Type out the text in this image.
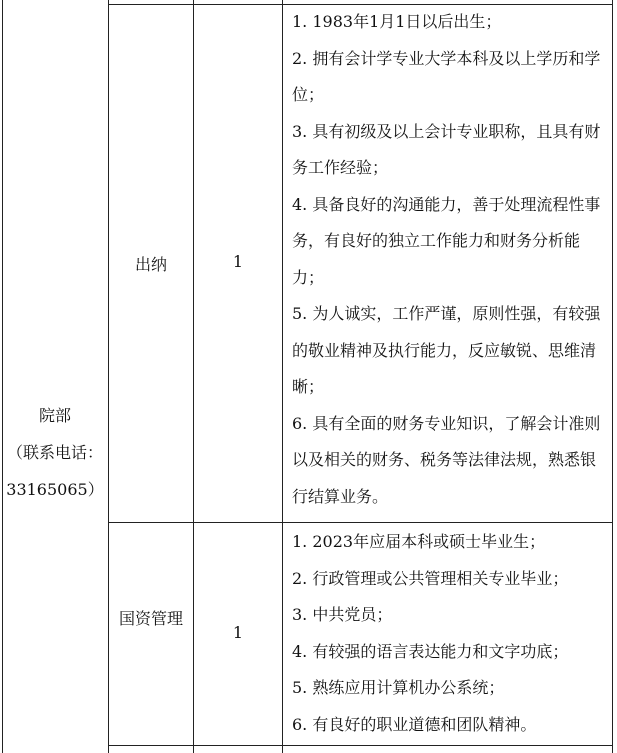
院部
（联系电话：
33165065）
出纳	1

1. 1983年1月1日以后出生；

2. 拥有会计学专业大学本科及以上学历和学位；

3. 具有初级及以上会计专业职称，且具有财务工作经验；

4. 具备良好的沟通能力，善于处理流程性事务，有良好的独立工作能力和财务分析能力；

5. 为人诚实，工作严谨，原则性强，有较强的敬业精神及执行能力，反应敏锐、思维清晰；

6. 具有全面的财务专业知识，了解会计准则以及相关的财务、税务等法律法规，熟悉银行结算业务。

国资管理
1

1. 2023年应届本科或硕士毕业生；

2. 行政管理或公共管理相关专业毕业；

3. 中共党员；

4. 有较强的语言表达能力和文字功底；

5. 熟练应用计算机办公系统；

6. 有良好的职业道德和团队精神。
